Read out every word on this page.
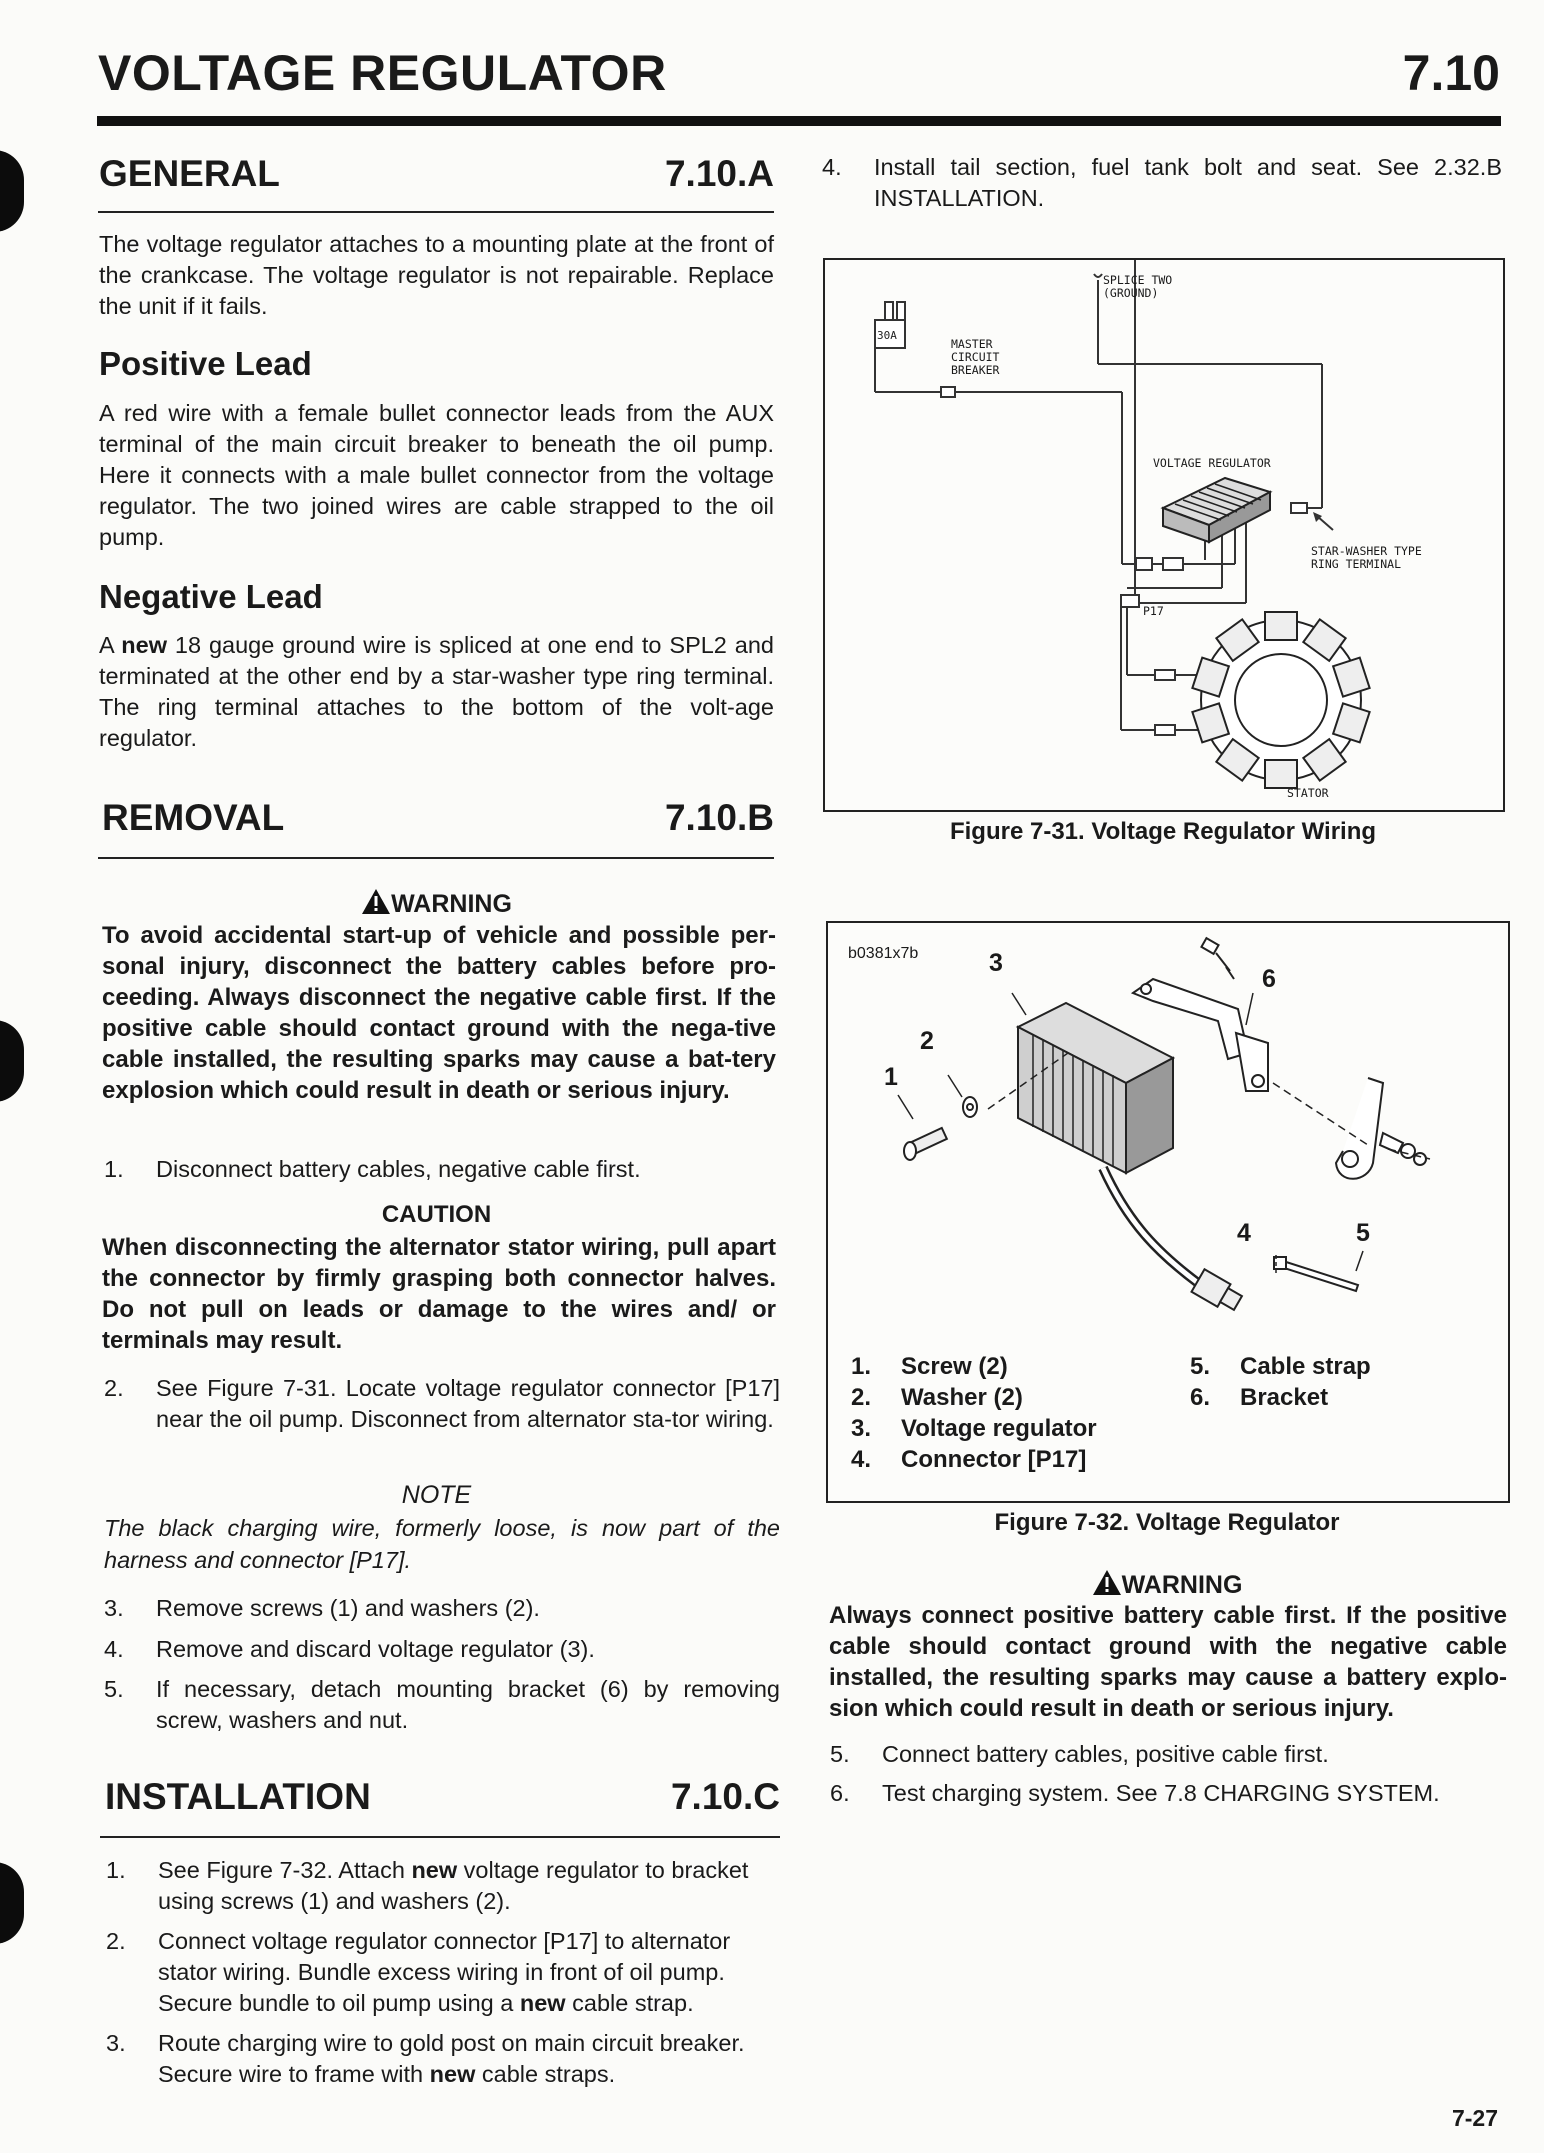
VOLTAGE REGULATOR	7.10
GENERAL	7.10.A
The voltage regulator attaches to a mounting plate at the front of the crankcase. The voltage regulator is not repairable. Replace the unit if it fails.
Positive Lead
A red wire with a female bullet connector leads from the AUX terminal of the main circuit breaker to beneath the oil pump. Here it connects with a male bullet connector from the voltage regulator. The two joined wires are cable strapped to the oil pump.
Negative Lead
A new 18 gauge ground wire is spliced at one end to SPL2 and terminated at the other end by a star-washer type ring terminal. The ring terminal attaches to the bottom of the volt-age regulator.
REMOVAL	7.10.B
WARNING
To avoid accidental start-up of vehicle and possible per-sonal injury, disconnect the battery cables before pro-ceeding. Always disconnect the negative cable first. If the positive cable should contact ground with the nega-tive cable installed, the resulting sparks may cause a bat-tery explosion which could result in death or serious injury.
1. Disconnect battery cables, negative cable first.
CAUTION
When disconnecting the alternator stator wiring, pull apart the connector by firmly grasping both connector halves. Do not pull on leads or damage to the wires and/ or terminals may result.
2. See Figure 7-31. Locate voltage regulator connector [P17] near the oil pump. Disconnect from alternator sta-tor wiring.
NOTE
The black charging wire, formerly loose, is now part of the harness and connector [P17].
3. Remove screws (1) and washers (2).
4. Remove and discard voltage regulator (3).
5. If necessary, detach mounting bracket (6) by removing screw, washers and nut.
INSTALLATION	7.10.C
1. See Figure 7-32. Attach new voltage regulator to bracket using screws (1) and washers (2).
2. Connect voltage regulator connector [P17] to alternator stator wiring. Bundle excess wiring in front of oil pump. Secure bundle to oil pump using a new cable strap.
3. Route charging wire to gold post on main circuit breaker. Secure wire to frame with new cable straps.
4. Install tail section, fuel tank bolt and seat. See 2.32.B INSTALLATION.
30A
SPLICE TWO
(GROUND)
MASTER
CIRCUIT
BREAKER
VOLTAGE REGULATOR
STAR-WASHER TYPE
RING TERMINAL
P17
STATOR
Figure 7-31. Voltage Regulator Wiring
b0381x7b
1
2
3
4	5
6
1. Screw (2)
2. Washer (2)
3. Voltage regulator
4. Connector [P17]
5. Cable strap
6. Bracket
Figure 7-32. Voltage Regulator
WARNING
Always connect positive battery cable first. If the positive cable should contact ground with the negative cable installed, the resulting sparks may cause a battery explo-sion which could result in death or serious injury.
5. Connect battery cables, positive cable first.
6. Test charging system. See 7.8 CHARGING SYSTEM.
7-27
